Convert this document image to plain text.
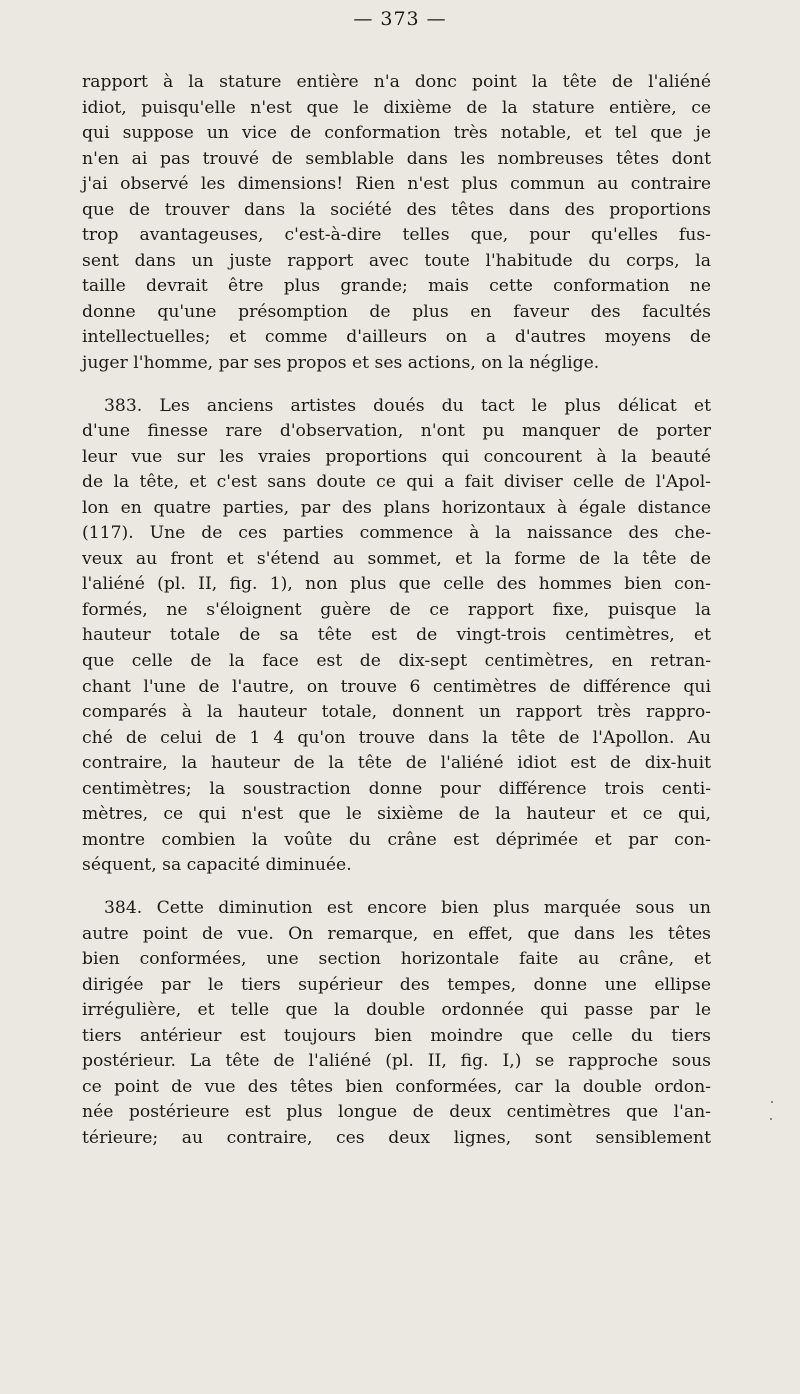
— 373 —

rapport à la stature entière n'a donc point la tête de l'aliéné

idiot, puisqu'elle n'est que le dixième de la stature entière, ce

qui suppose un vice de conformation très notable, et tel que je

n'en ai pas trouvé de semblable dans les nombreuses têtes dont

j'ai observé les dimensions! Rien n'est plus commun au contraire

que de trouver dans la société des têtes dans des proportions

trop avantageuses, c'est-à-dire telles que, pour qu'elles fus-

sent dans un juste rapport avec toute l'habitude du corps, la

taille devrait être plus grande; mais cette conformation ne

donne qu'une présomption de plus en faveur des facultés

intellectuelles; et comme d'ailleurs on a d'autres moyens de

juger l'homme, par ses propos et ses actions, on la néglige.

383. Les anciens artistes doués du tact le plus délicat et

d'une finesse rare d'observation, n'ont pu manquer de porter

leur vue sur les vraies proportions qui concourent à la beauté

de la tête, et c'est sans doute ce qui a fait diviser celle de l'Apol-

lon en quatre parties, par des plans horizontaux à égale distance

(117). Une de ces parties commence à la naissance des che-

veux au front et s'étend au sommet, et la forme de la tête de

l'aliéné (pl. II, fig. 1), non plus que celle des hommes bien con-

formés, ne s'éloignent guère de ce rapport fixe, puisque la

hauteur totale de sa tête est de vingt-trois centimètres, et

que celle de la face est de dix-sept centimètres, en retran-

chant l'une de l'autre, on trouve 6 centimètres de différence qui

comparés à la hauteur totale, donnent un rapport très rappro-

ché de celui de 1 4 qu'on trouve dans la tête de l'Apollon. Au

contraire, la hauteur de la tête de l'aliéné idiot est de dix-huit

centimètres; la soustraction donne pour différence trois centi-

mètres, ce qui n'est que le sixième de la hauteur et ce qui,

montre combien la voûte du crâne est déprimée et par con-

séquent, sa capacité diminuée.

384. Cette diminution est encore bien plus marquée sous un

autre point de vue. On remarque, en effet, que dans les têtes

bien conformées, une section horizontale faite au crâne, et

dirigée par le tiers supérieur des tempes, donne une ellipse

irrégulière, et telle que la double ordonnée qui passe par le

tiers antérieur est toujours bien moindre que celle du tiers

postérieur. La tête de l'aliéné (pl. II, fig. I,) se rapproche sous

ce point de vue des têtes bien conformées, car la double ordon-

née postérieure est plus longue de deux centimètres que l'an-

térieure; au contraire, ces deux lignes, sont sensiblement
